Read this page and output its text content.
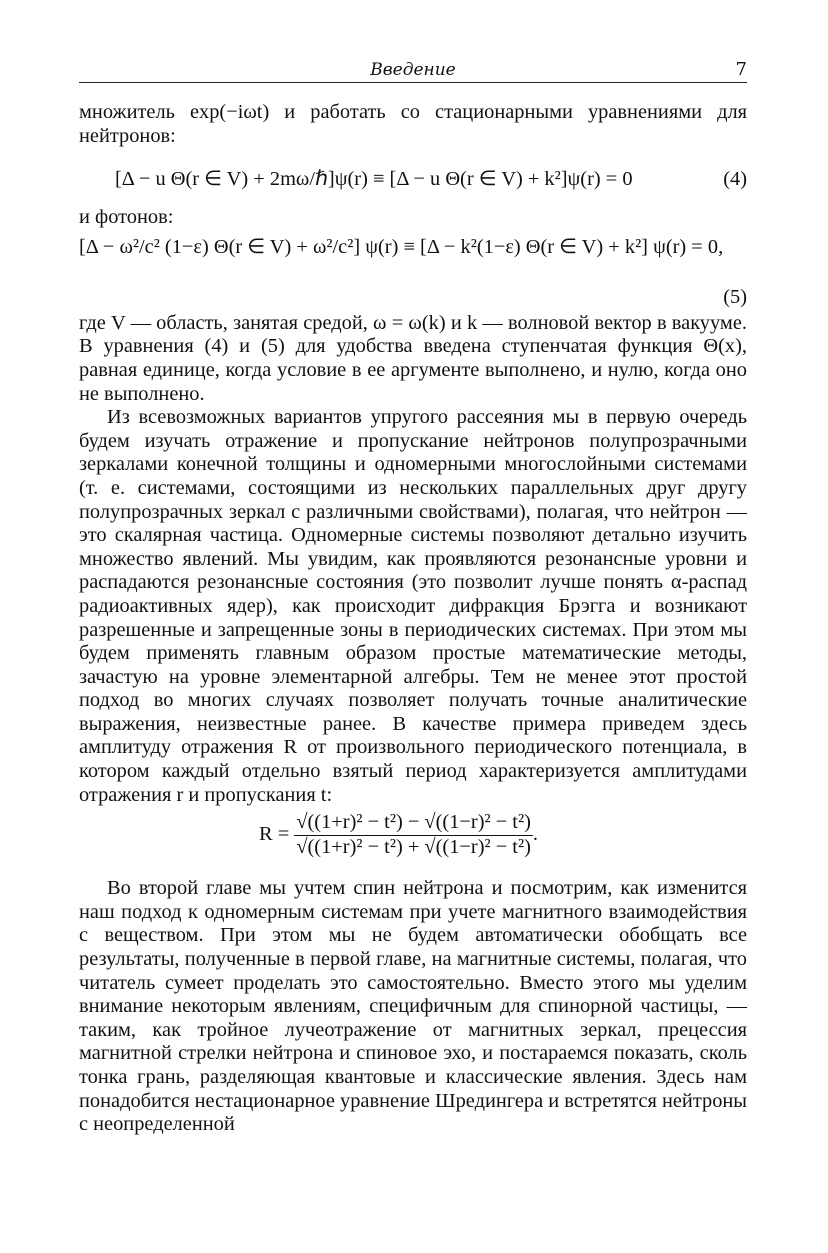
Введение	7

множитель exp(−iωt) и работать со стационарными уравнениями для нейтронов:

[Δ − u Θ(r ∈ V) + 2mω/ℏ]ψ(r) ≡ [Δ − u Θ(r ∈ V) + k²]ψ(r) = 0	(4)

и фотонов:

[Δ − ω²/c² (1−ε) Θ(r ∈ V) + ω²/c²] ψ(r) ≡ [Δ − k²(1−ε) Θ(r ∈ V) + k²] ψ(r) = 0,
(5)

где V — область, занятая средой, ω = ω(k) и k — волновой вектор в вакууме. В уравнения (4) и (5) для удобства введена ступенчатая функция Θ(x), равная единице, когда условие в ее аргументе выполнено, и нулю, когда оно не выполнено.

Из всевозможных вариантов упругого рассеяния мы в первую очередь будем изучать отражение и пропускание нейтронов полупрозрачными зеркалами конечной толщины и одномерными многослойными системами (т. е. системами, состоящими из нескольких параллельных друг другу полупрозрачных зеркал с различными свойствами), полагая, что нейтрон — это скалярная частица. Одномерные системы позволяют детально изучить множество явлений. Мы увидим, как проявляются резонансные уровни и распадаются резонансные состояния (это позволит лучше понять α-распад радиоактивных ядер), как происходит дифракция Брэгга и возникают разрешенные и запрещенные зоны в периодических системах. При этом мы будем применять главным образом простые математические методы, зачастую на уровне элементарной алгебры. Тем не менее этот простой подход во многих случаях позволяет получать точные аналитические выражения, неизвестные ранее. В качестве примера приведем здесь амплитуду отражения R от произвольного периодического потенциала, в котором каждый отдельно взятый период характеризуется амплитудами отражения r и пропускания t:

$R = \frac{\text{√((1+r)² − t²) − √((1−r)² − t²)}}{\text{√((1+r)² − t²) + √((1−r)² − t²)}}$ .

Во второй главе мы учтем спин нейтрона и посмотрим, как изменится наш подход к одномерным системам при учете магнитного взаимодействия с веществом. При этом мы не будем автоматически обобщать все результаты, полученные в первой главе, на магнитные системы, полагая, что читатель сумеет проделать это самостоятельно. Вместо этого мы уделим внимание некоторым явлениям, специфичным для спинорной частицы, — таким, как тройное лучеотражение от магнитных зеркал, прецессия магнитной стрелки нейтрона и спиновое эхо, и постараемся показать, сколь тонка грань, разделяющая квантовые и классические явления. Здесь нам понадобится нестационарное уравнение Шредингера и встретятся нейтроны с неопределенной
